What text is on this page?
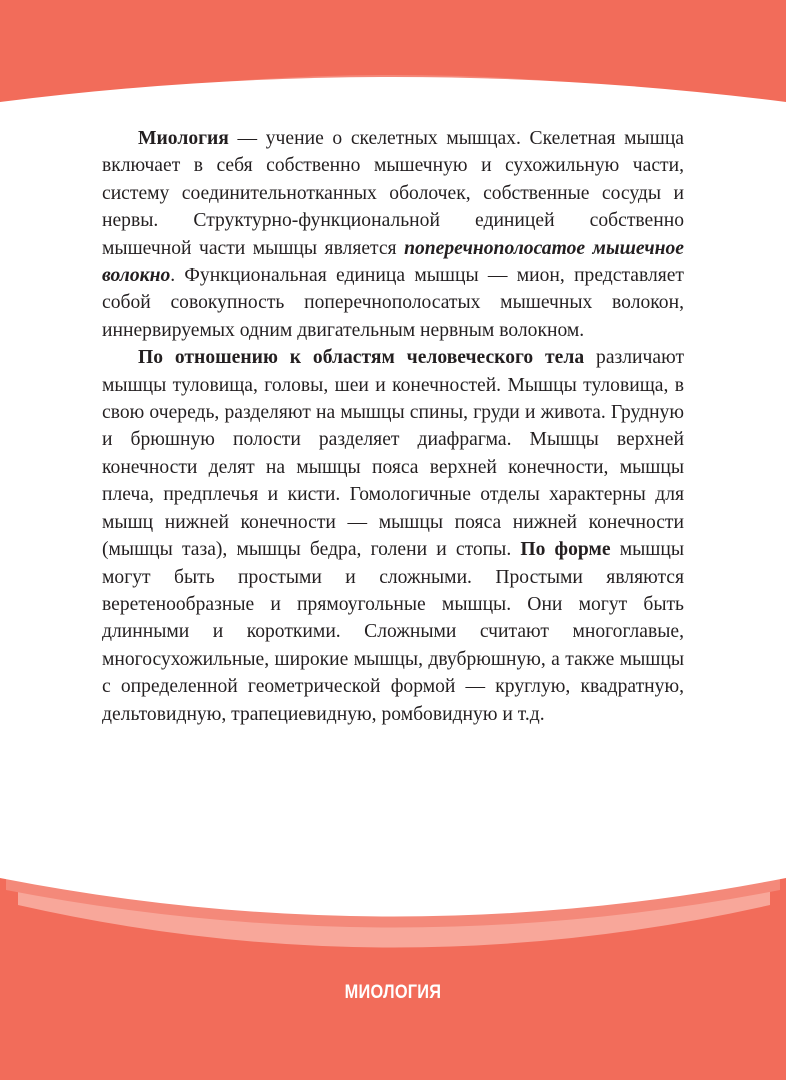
Миология — учение о скелетных мышцах. Скелетная мышца включает в себя собственно мышечную и сухожильную части, систему соединительнотканных оболочек, собственные сосуды и нервы. Структурно-функциональной единицей собственно мышечной части мышцы является поперечнополосатое мышечное волокно. Функциональная единица мышцы — мион, представляет собой совокупность поперечнополосатых мышечных волокон, иннервируемых одним двигательным нервным волокном.

По отношению к областям человеческого тела различают мышцы туловища, головы, шеи и конечностей. Мышцы туловища, в свою очередь, разделяют на мышцы спины, груди и живота. Грудную и брюшную полости разделяет диафрагма. Мышцы верхней конечности делят на мышцы пояса верхней конечности, мышцы плеча, предплечья и кисти. Гомологичные отделы характерны для мышц нижней конечности — мышцы пояса нижней конечности (мышцы таза), мышцы бедра, голени и стопы. По форме мышцы могут быть простыми и сложными. Простыми являются веретенообразные и прямоугольные мышцы. Они могут быть длинными и короткими. Сложными считают многоглавые, многосухожильные, широкие мышцы, двубрюшную, а также мышцы с определенной геометрической формой — круглую, квадратную, дельтовидную, трапециевидную, ромбовидную и т.д.

МИОЛОГИЯ
